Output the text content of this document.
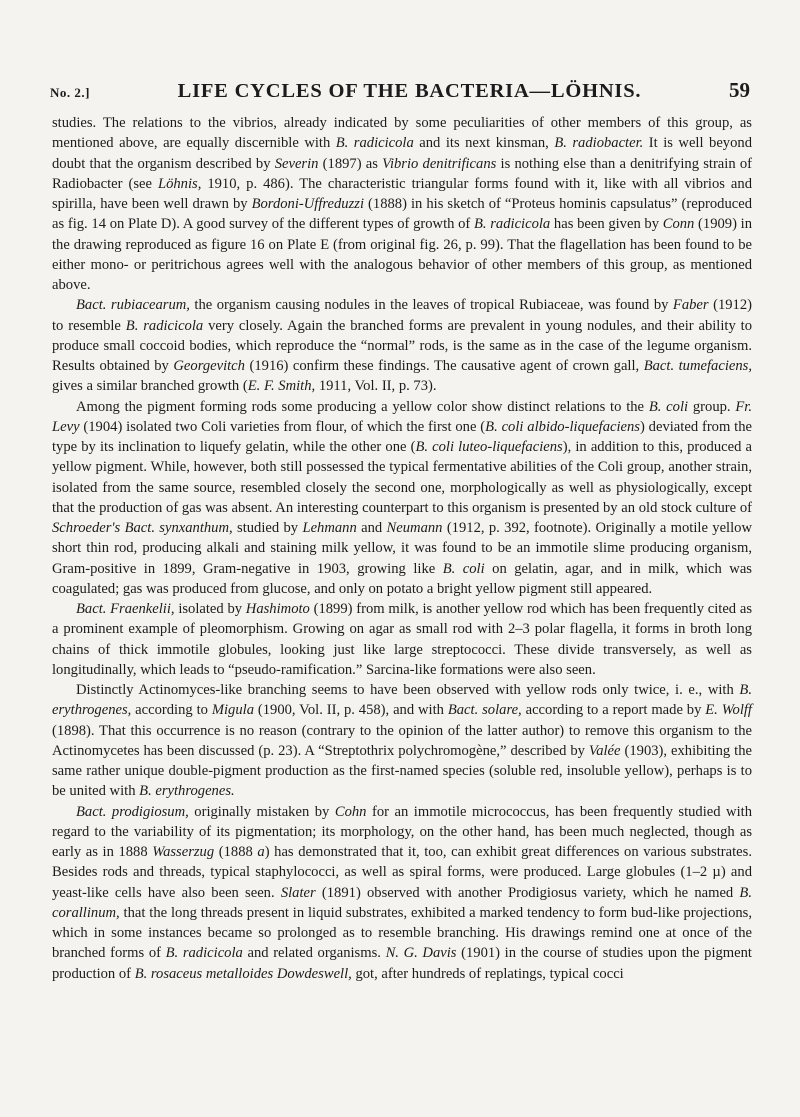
No. 2.]	LIFE CYCLES OF THE BACTERIA—LÖHNIS.	59

studies. The relations to the vibrios, already indicated by some peculiarities of other members of this group, as mentioned above, are equally discernible with B. radicicola and its next kinsman, B. radiobacter. It is well beyond doubt that the organism described by Severin (1897) as Vibrio denitrificans is nothing else than a denitrifying strain of Radiobacter (see Löhnis, 1910, p. 486). The characteristic triangular forms found with it, like with all vibrios and spirilla, have been well drawn by Bordoni-Uffreduzzi (1888) in his sketch of “Proteus hominis capsulatus” (reproduced as fig. 14 on Plate D). A good survey of the different types of growth of B. radicicola has been given by Conn (1909) in the drawing reproduced as figure 16 on Plate E (from original fig. 26, p. 99). That the flagellation has been found to be either mono- or peritrichous agrees well with the analogous behavior of other members of this group, as mentioned above.

Bact. rubiacearum, the organism causing nodules in the leaves of tropical Rubiaceae, was found by Faber (1912) to resemble B. radicicola very closely. Again the branched forms are prevalent in young nodules, and their ability to produce small coccoid bodies, which reproduce the “normal” rods, is the same as in the case of the legume organism. Results obtained by Georgevitch (1916) confirm these findings. The causative agent of crown gall, Bact. tumefaciens, gives a similar branched growth (E. F. Smith, 1911, Vol. II, p. 73).

Among the pigment forming rods some producing a yellow color show distinct relations to the B. coli group. Fr. Levy (1904) isolated two Coli varieties from flour, of which the first one (B. coli albido-liquefaciens) deviated from the type by its inclination to liquefy gelatin, while the other one (B. coli luteo-liquefaciens), in addition to this, produced a yellow pigment. While, however, both still possessed the typical fermentative abilities of the Coli group, another strain, isolated from the same source, resembled closely the second one, morphologically as well as physiologically, except that the production of gas was absent. An interesting counterpart to this organism is presented by an old stock culture of Schroeder's Bact. synxanthum, studied by Lehmann and Neumann (1912, p. 392, footnote). Originally a motile yellow short thin rod, producing alkali and staining milk yellow, it was found to be an immotile slime producing organism, Gram-positive in 1899, Gram-negative in 1903, growing like B. coli on gelatin, agar, and in milk, which was coagulated; gas was produced from glucose, and only on potato a bright yellow pigment still appeared.

Bact. Fraenkelii, isolated by Hashimoto (1899) from milk, is another yellow rod which has been frequently cited as a prominent example of pleomorphism. Growing on agar as small rod with 2–3 polar flagella, it forms in broth long chains of thick immotile globules, looking just like large streptococci. These divide transversely, as well as longitudinally, which leads to “pseudo-ramification.” Sarcina-like formations were also seen.

Distinctly Actinomyces-like branching seems to have been observed with yellow rods only twice, i. e., with B. erythrogenes, according to Migula (1900, Vol. II, p. 458), and with Bact. solare, according to a report made by E. Wolff (1898). That this occurrence is no reason (contrary to the opinion of the latter author) to remove this organism to the Actinomycetes has been discussed (p. 23). A “Streptothrix polychromogène,” described by Valée (1903), exhibiting the same rather unique double-pigment production as the first-named species (soluble red, insoluble yellow), perhaps is to be united with B. erythrogenes.

Bact. prodigiosum, originally mistaken by Cohn for an immotile micrococcus, has been frequently studied with regard to the variability of its pigmentation; its morphology, on the other hand, has been much neglected, though as early as in 1888 Wasserzug (1888 a) has demonstrated that it, too, can exhibit great differences on various substrates. Besides rods and threads, typical staphylococci, as well as spiral forms, were produced. Large globules (1–2 µ) and yeast-like cells have also been seen. Slater (1891) observed with another Prodigiosus variety, which he named B. corallinum, that the long threads present in liquid substrates, exhibited a marked tendency to form bud-like projections, which in some instances became so prolonged as to resemble branching. His drawings remind one at once of the branched forms of B. radicicola and related organisms. N. G. Davis (1901) in the course of studies upon the pigment production of B. rosaceus metalloides Dowdeswell, got, after hundreds of replatings, typical cocci
